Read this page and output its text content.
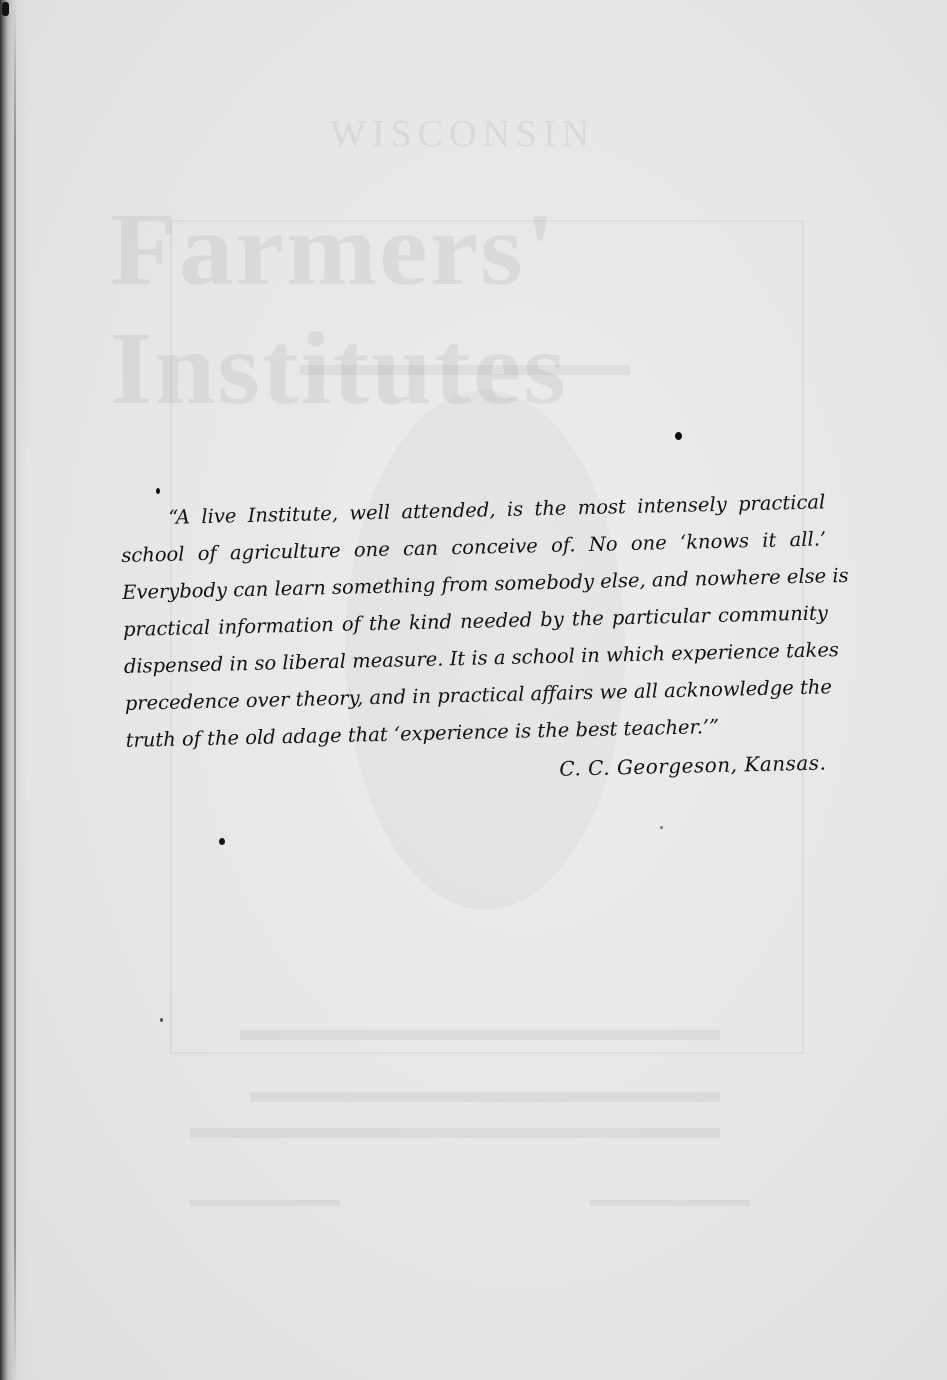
WISCONSIN
Farmers' Institutes
“A live Institute, well attended, is the most intensely practical
school of agriculture one can conceive of. No one ‘knows it all.’
Everybody can learn something from somebody else, and nowhere else is
practical information of the kind needed by the particular community
dispensed in so liberal measure. It is a school in which experience takes
precedence over theory, and in practical affairs we all acknowledge the
truth of the old adage that ‘experience is the best teacher.’”
C. C. Georgeson, Kansas.
